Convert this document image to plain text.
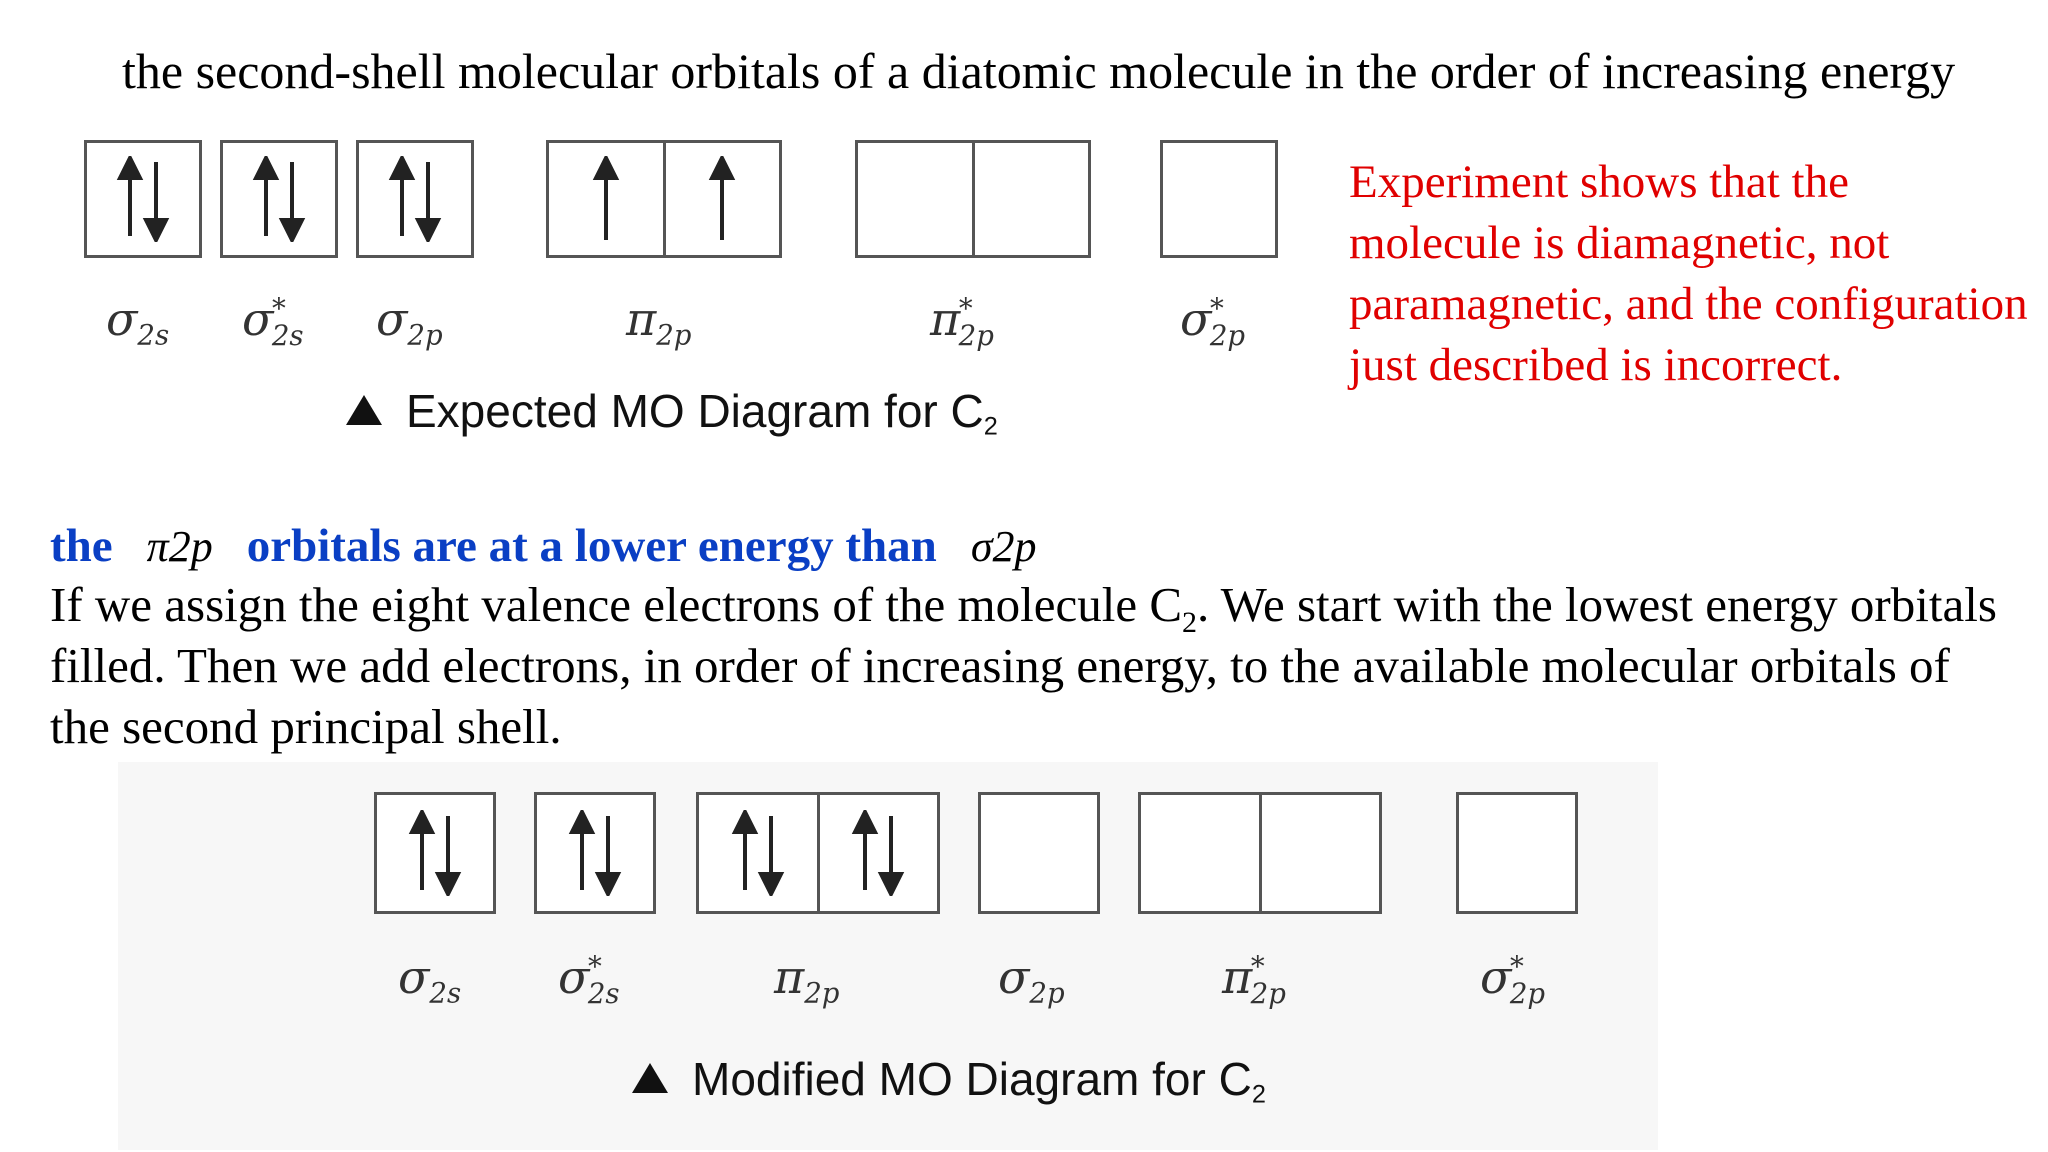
the second-shell molecular orbitals of a diatomic molecule in the order of increasing energy
Experiment shows that the molecule is diamagnetic, not paramagnetic, and the configuration just described is incorrect.
$\sigma_{2s}$ $\sigma^*_{2s}$ $\sigma_{2p}$	$\pi_{2p}$	$\pi^*_{2p}$	$\sigma^*_{2p}$
Expected MO Diagram for $C_2$
the π2p orbitals are at a lower energy than σ2p
If we assign the eight valence electrons of the molecule $C_2$. We start with the lowest energy orbitals filled. Then we add electrons, in order of increasing energy, to the available molecular orbitals of the second principal shell.
$\sigma_{2s}$ $\sigma^*_{2s}$	$\pi_{2p}$	$\sigma_{2p}$	$\pi^*_{2p}$	$\sigma^*_{2p}$
Modified MO Diagram for $C_2$
